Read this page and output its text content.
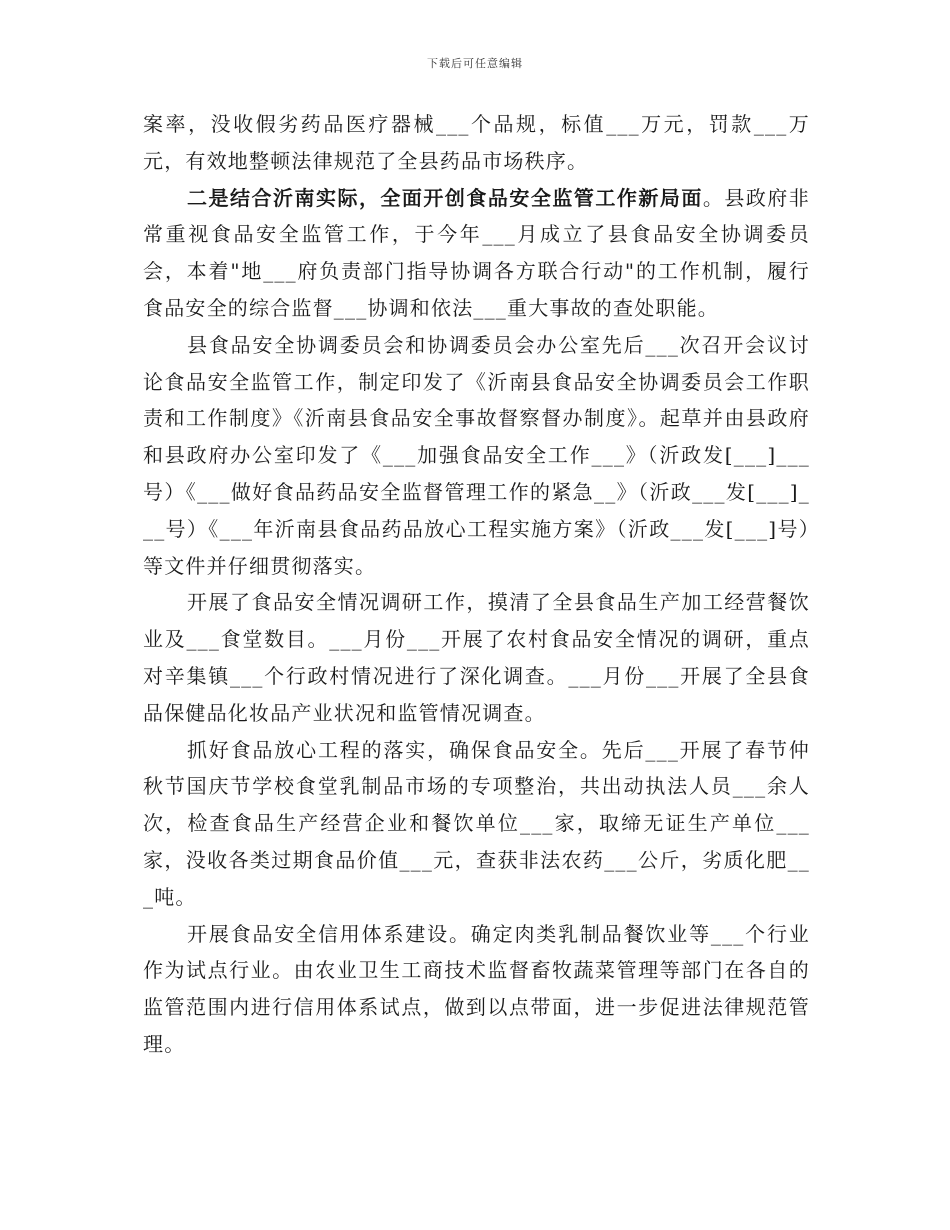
下载后可任意编辑

案率，没收假劣药品医疗器械___个品规，标值___万元，罚款___万元，有效地整顿法律规范了全县药品市场秩序。

二是结合沂南实际，全面开创食品安全监管工作新局面。县政府非常重视食品安全监管工作，于今年___月成立了县食品安全协调委员会，本着"地___府负责部门指导协调各方联合行动"的工作机制，履行食品安全的综合监督___协调和依法___重大事故的查处职能。

县食品安全协调委员会和协调委员会办公室先后___次召开会议讨论食品安全监管工作，制定印发了《沂南县食品安全协调委员会工作职责和工作制度》《沂南县食品安全事故督察督办制度》。起草并由县政府和县政府办公室印发了《___加强食品安全工作___》（沂政发[___]___号）《___做好食品药品安全监督管理工作的紧急__》（沂政___发[___]___号）《___年沂南县食品药品放心工程实施方案》（沂政___发[___]号）等文件并仔细贯彻落实。

开展了食品安全情况调研工作，摸清了全县食品生产加工经营餐饮业及___食堂数目。___月份___开展了农村食品安全情况的调研，重点对辛集镇___个行政村情况进行了深化调查。___月份___开展了全县食品保健品化妆品产业状况和监管情况调查。

抓好食品放心工程的落实，确保食品安全。先后___开展了春节仲秋节国庆节学校食堂乳制品市场的专项整治，共出动执法人员___余人次，检查食品生产经营企业和餐饮单位___家，取缔无证生产单位___家，没收各类过期食品价值___元，查获非法农药___公斤，劣质化肥___吨。

开展食品安全信用体系建设。确定肉类乳制品餐饮业等___个行业作为试点行业。由农业卫生工商技术监督畜牧蔬菜管理等部门在各自的监管范围内进行信用体系试点，做到以点带面，进一步促进法律规范管理。
